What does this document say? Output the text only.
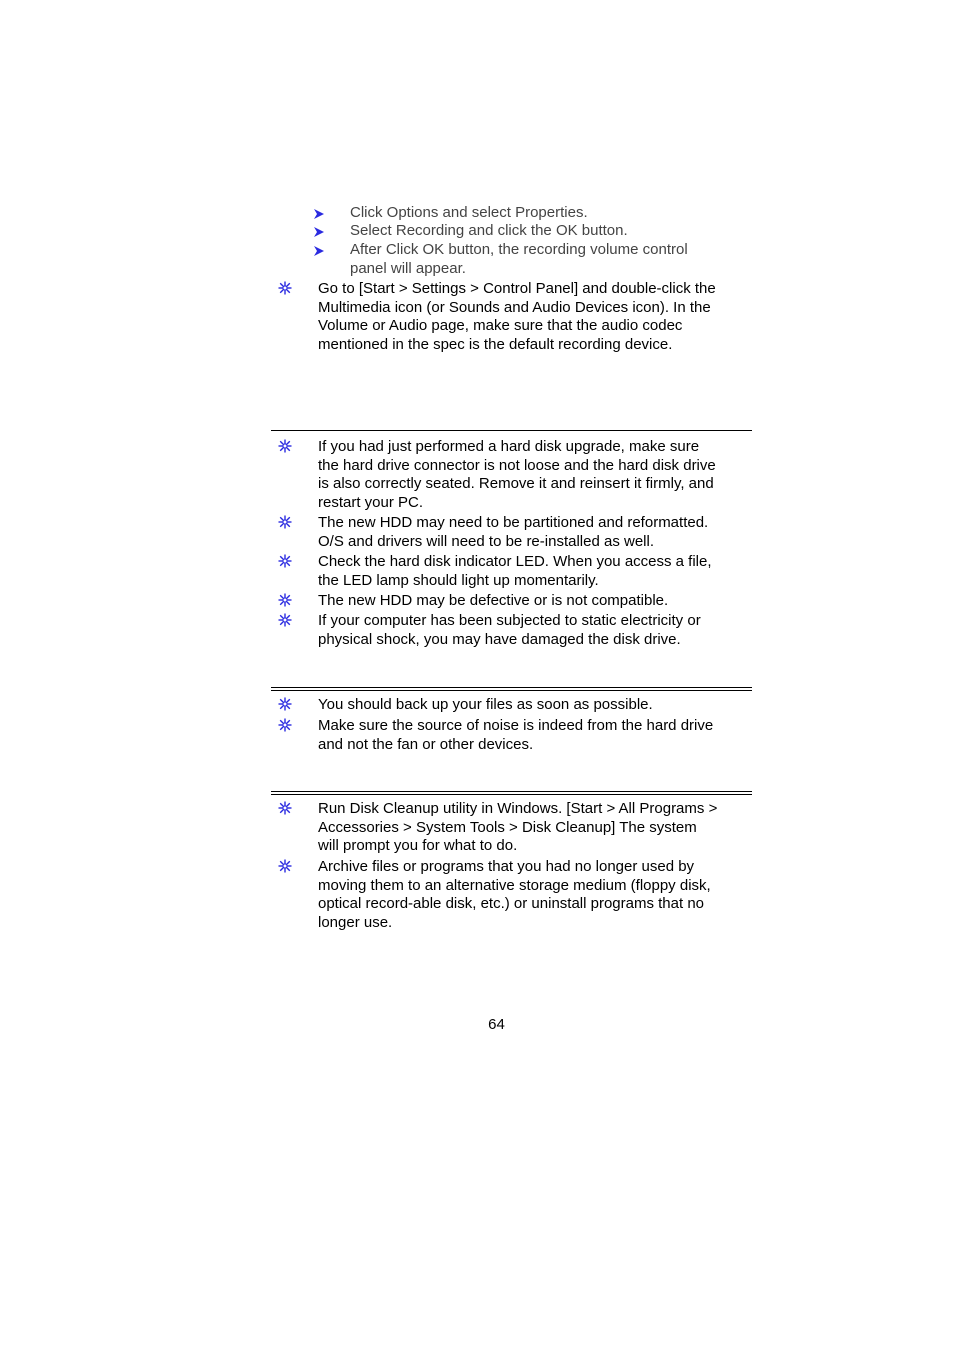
Click Options and select Properties.
Select Recording and click the OK button.
After Click OK button, the recording volume control
panel will appear.
Go to [Start > Settings > Control Panel] and double-click the
Multimedia icon (or Sounds and Audio Devices icon). In the
Volume or Audio page, make sure that the audio codec
mentioned in the spec is the default recording device.
If you had just performed a hard disk upgrade, make sure
the hard drive connector is not loose and the hard disk drive
is also correctly seated. Remove it and reinsert it firmly, and
restart your PC.
The new HDD may need to be partitioned and reformatted.
O/S and drivers will need to be re-installed as well.
Check the hard disk indicator LED. When you access a file,
the LED lamp should light up momentarily.
The new HDD may be defective or is not compatible.
If your computer has been subjected to static electricity or
physical shock, you may have damaged the disk drive.
You should back up your files as soon as possible.
Make sure the source of noise is indeed from the hard drive
and not the fan or other devices.
Run Disk Cleanup utility in Windows. [Start > All Programs >
Accessories > System Tools > Disk Cleanup] The system
will prompt you for what to do.
Archive files or programs that you had no longer used by
moving them to an alternative storage medium (floppy disk,
optical record-able disk, etc.) or uninstall programs that no
longer use.
64
